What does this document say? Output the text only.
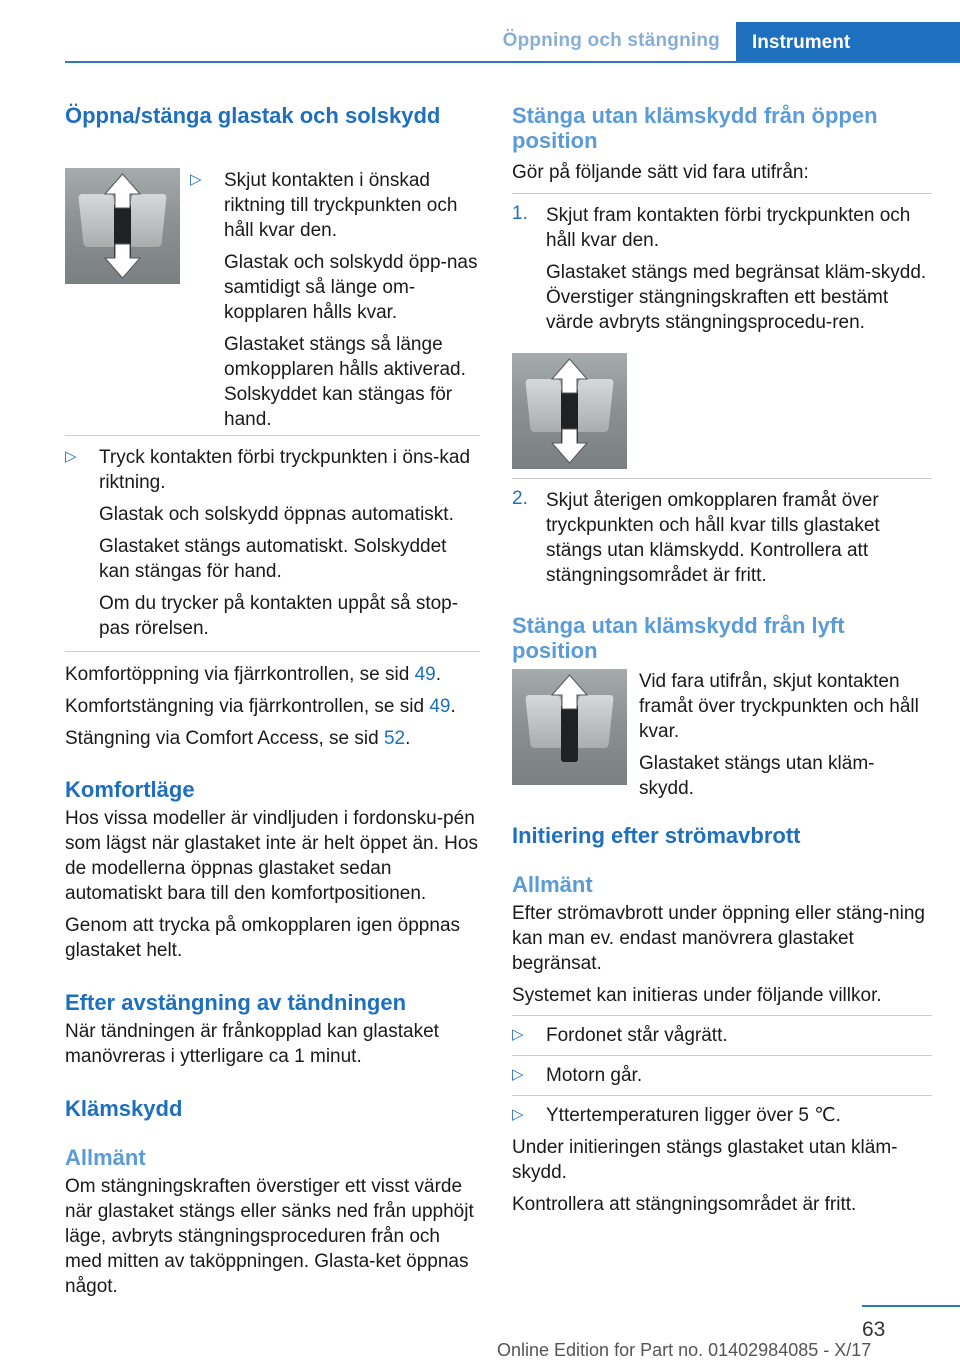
Öppning och stängning	Instrument
Öppna/stänga glastak och solskydd
▷ Skjut kontakten i önskad riktning till tryckpunkten och håll kvar den.

Glastak och solskydd öpp-nas samtidigt så länge om-kopplaren hålls kvar.

Glastaket stängs så länge omkopplaren hålls aktiverad. Solskyddet kan stängas för hand.

▷ Tryck kontakten förbi tryckpunkten i öns-kad riktning.

Glastak och solskydd öppnas automatiskt.

Glastaket stängs automatiskt. Solskyddet kan stängas för hand.

Om du trycker på kontakten uppåt så stop-pas rörelsen.

Komfortöppning via fjärrkontrollen, se sid 49.

Komfortstängning via fjärrkontrollen, se sid 49.

Stängning via Comfort Access, se sid 52.

Komfortläge

Hos vissa modeller är vindljuden i fordonsku-pén som lägst när glastaket inte är helt öppet än. Hos de modellerna öppnas glastaket sedan automatiskt bara till den komfortpositionen.

Genom att trycka på omkopplaren igen öppnas glastaket helt.

Efter avstängning av tändningen

När tändningen är frånkopplad kan glastaket manövreras i ytterligare ca 1 minut.

Klämskydd
Allmänt

Om stängningskraften överstiger ett visst värde när glastaket stängs eller sänks ned från upphöjt läge, avbryts stängningsproceduren från och med mitten av taköppningen. Glasta-ket öppnas något.

Stänga utan klämskydd från öppen position

Gör på följande sätt vid fara utifrån:

1. Skjut fram kontakten förbi tryckpunkten och håll kvar den.

Glastaket stängs med begränsat kläm-skydd. Överstiger stängningskraften ett bestämt värde avbryts stängningsprocedu-ren.

2. Skjut återigen omkopplaren framåt över tryckpunkten och håll kvar tills glastaket stängs utan klämskydd. Kontrollera att stängningsområdet är fritt.

Stänga utan klämskydd från lyft position

Vid fara utifrån, skjut kontakten framåt över tryckpunkten och håll kvar.

Glastaket stängs utan kläm-skydd.

Initiering efter strömavbrott
Allmänt

Efter strömavbrott under öppning eller stäng-ning kan man ev. endast manövrera glastaket begränsat.

Systemet kan initieras under följande villkor.

▷ Fordonet står vågrätt.

▷ Motorn går.

▷ Yttertemperaturen ligger över 5 ℃.

Under initieringen stängs glastaket utan kläm-skydd.

Kontrollera att stängningsområdet är fritt.

63
Online Edition for Part no. 01402984085 - X/17
